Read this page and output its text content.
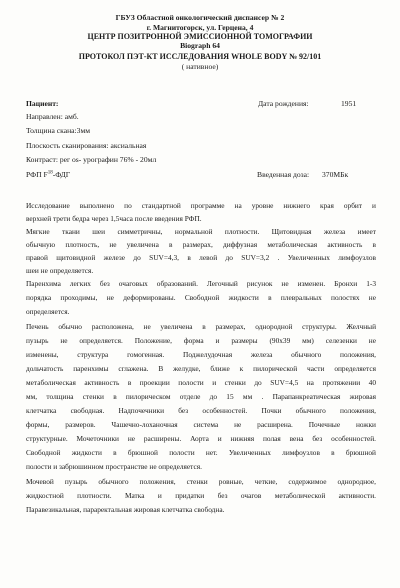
ГБУЗ Областной онкологический диспансер № 2
г. Магнитогорск, ул. Герцена, 4
ЦЕНТР ПОЗИТРОННОЙ ЭМИССИОННОЙ ТОМОГРАФИИ
Biograph 64
ПРОТОКОЛ ПЭТ-КТ ИССЛЕДОВАНИЯ WHOLE BODY № 92/101
( нативное)
Пациент:	Дата рождения:	1951
Направлен: амб.
Толщина скана:3мм
Плоскость сканирования: аксиальная
Контраст: рег os- урографин 76% - 20мл
РФП $F^{18}$-ФДГ	Введенная доза: 370МБк
Исследование выполнено по стандартной программе на уровне нижнего края орбит и
верхней трети бедра через 1,5часа после введения РФП.
Мягкие ткани шеи симметричны, нормальной плотности. Щитовидная железа имеет
обычную плотность, не увеличена в размерах, диффузная метаболическая активность в
правой щитовидной железе до SUV=4,3, в левой до SUV=3,2 . Увеличенных лимфоузлов
шеи не определяется.
Паренхима легких без очаговых образований. Легочный рисунок не изменен. Бронхи 1-3
порядка проходимы, не деформированы. Свободной жидкости в плевральных полостях не
определяется.
Печень обычно расположена, не увеличена в размерах, однородной структуры. Желчный
пузырь не определяется. Положение, форма и размеры (90х39 мм) селезенки не
изменены, структура гомогенная. Поджелудочная железа обычного положения,
дольчатость паренхимы сглажена. В желудке, ближе к пилорической части определяется
метаболическая активность в проекции полости и стенки до SUV=4,5 на протяжении 40
мм, толщина стенки в пилорическом отделе до 15 мм . Парапанкреатическая жировая
клетчатка свободная. Надпочечники без особенностей. Почки обычного положения,
формы, размеров. Чашечно-лоханочная система не расширена. Почечные ножки
структурные. Мочеточники не расширены. Аорта и нижняя полая вена без особенностей.
Свободной жидкости в брюшной полости нет. Увеличенных лимфоузлов в брюшной
полости и забрюшинном пространстве не определяется.
Мочевой пузырь обычного положения, стенки ровные, четкие, содержимое однородное,
жидкостной плотности. Матка и придатки без очагов метаболической активности.
Паравезикальная, параректальная жировая клетчатка свободна.
